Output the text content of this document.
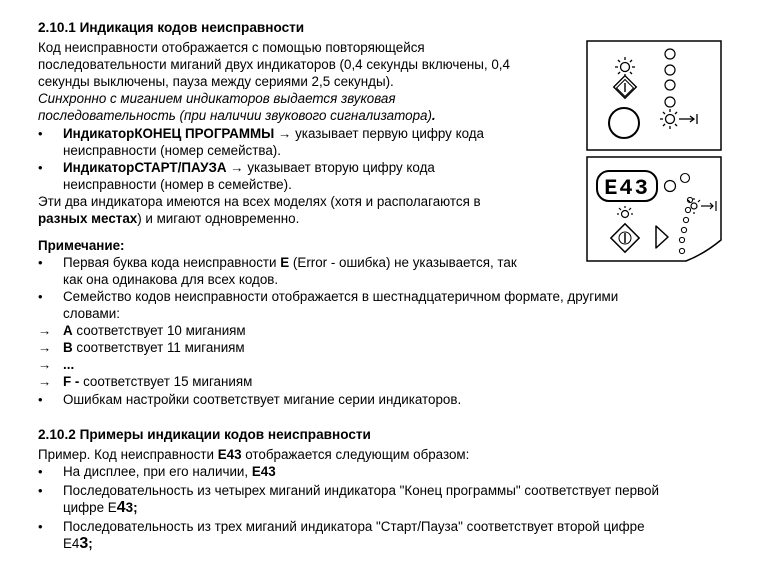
2.10.1 Индикация кодов неисправности
Код неисправности отображается с помощью повторяющейся
последовательности миганий двух индикаторов (0,4 секунды включены, 0,4
секунды выключены, пауза между сериями 2,5 секунды).
Синхронно с миганием индикаторов выдается звуковая
последовательность (при наличии звукового сигнализатора).
• ИндикаторКОНЕЦ ПРОГРАММЫ → указывает первую цифру кода
неисправности (номер семейства).
• ИндикаторСТАРТ/ПАУЗА → указывает вторую цифру кода
неисправности (номер в семействе).
Эти два индикатора имеются на всех моделях (хотя и располагаются в
разных местах) и мигают одновременно.
Примечание:
• Первая буква кода неисправности E (Error - ошибка) не указывается, так
как она одинакова для всех кодов.
• Семейство кодов неисправности отображается в шестнадцатеричном формате, другими
словами:
→ A соответствует 10 миганиям
→ B соответствует 11 миганиям
→ ...
→ F - соответствует 15 миганиям
• Ошибкам настройки соответствует мигание серии индикаторов.
2.10.2 Примеры индикации кодов неисправности
Пример. Код неисправности E43 отображается следующим образом:
• На дисплее, при его наличии, E43
• Последовательность из четырех миганий индикатора "Конец программы" соответствует первой
цифре Е43;
• Последовательность из трех миганий индикатора "Старт/Пауза" соответствует второй цифре
Е43;
E43
